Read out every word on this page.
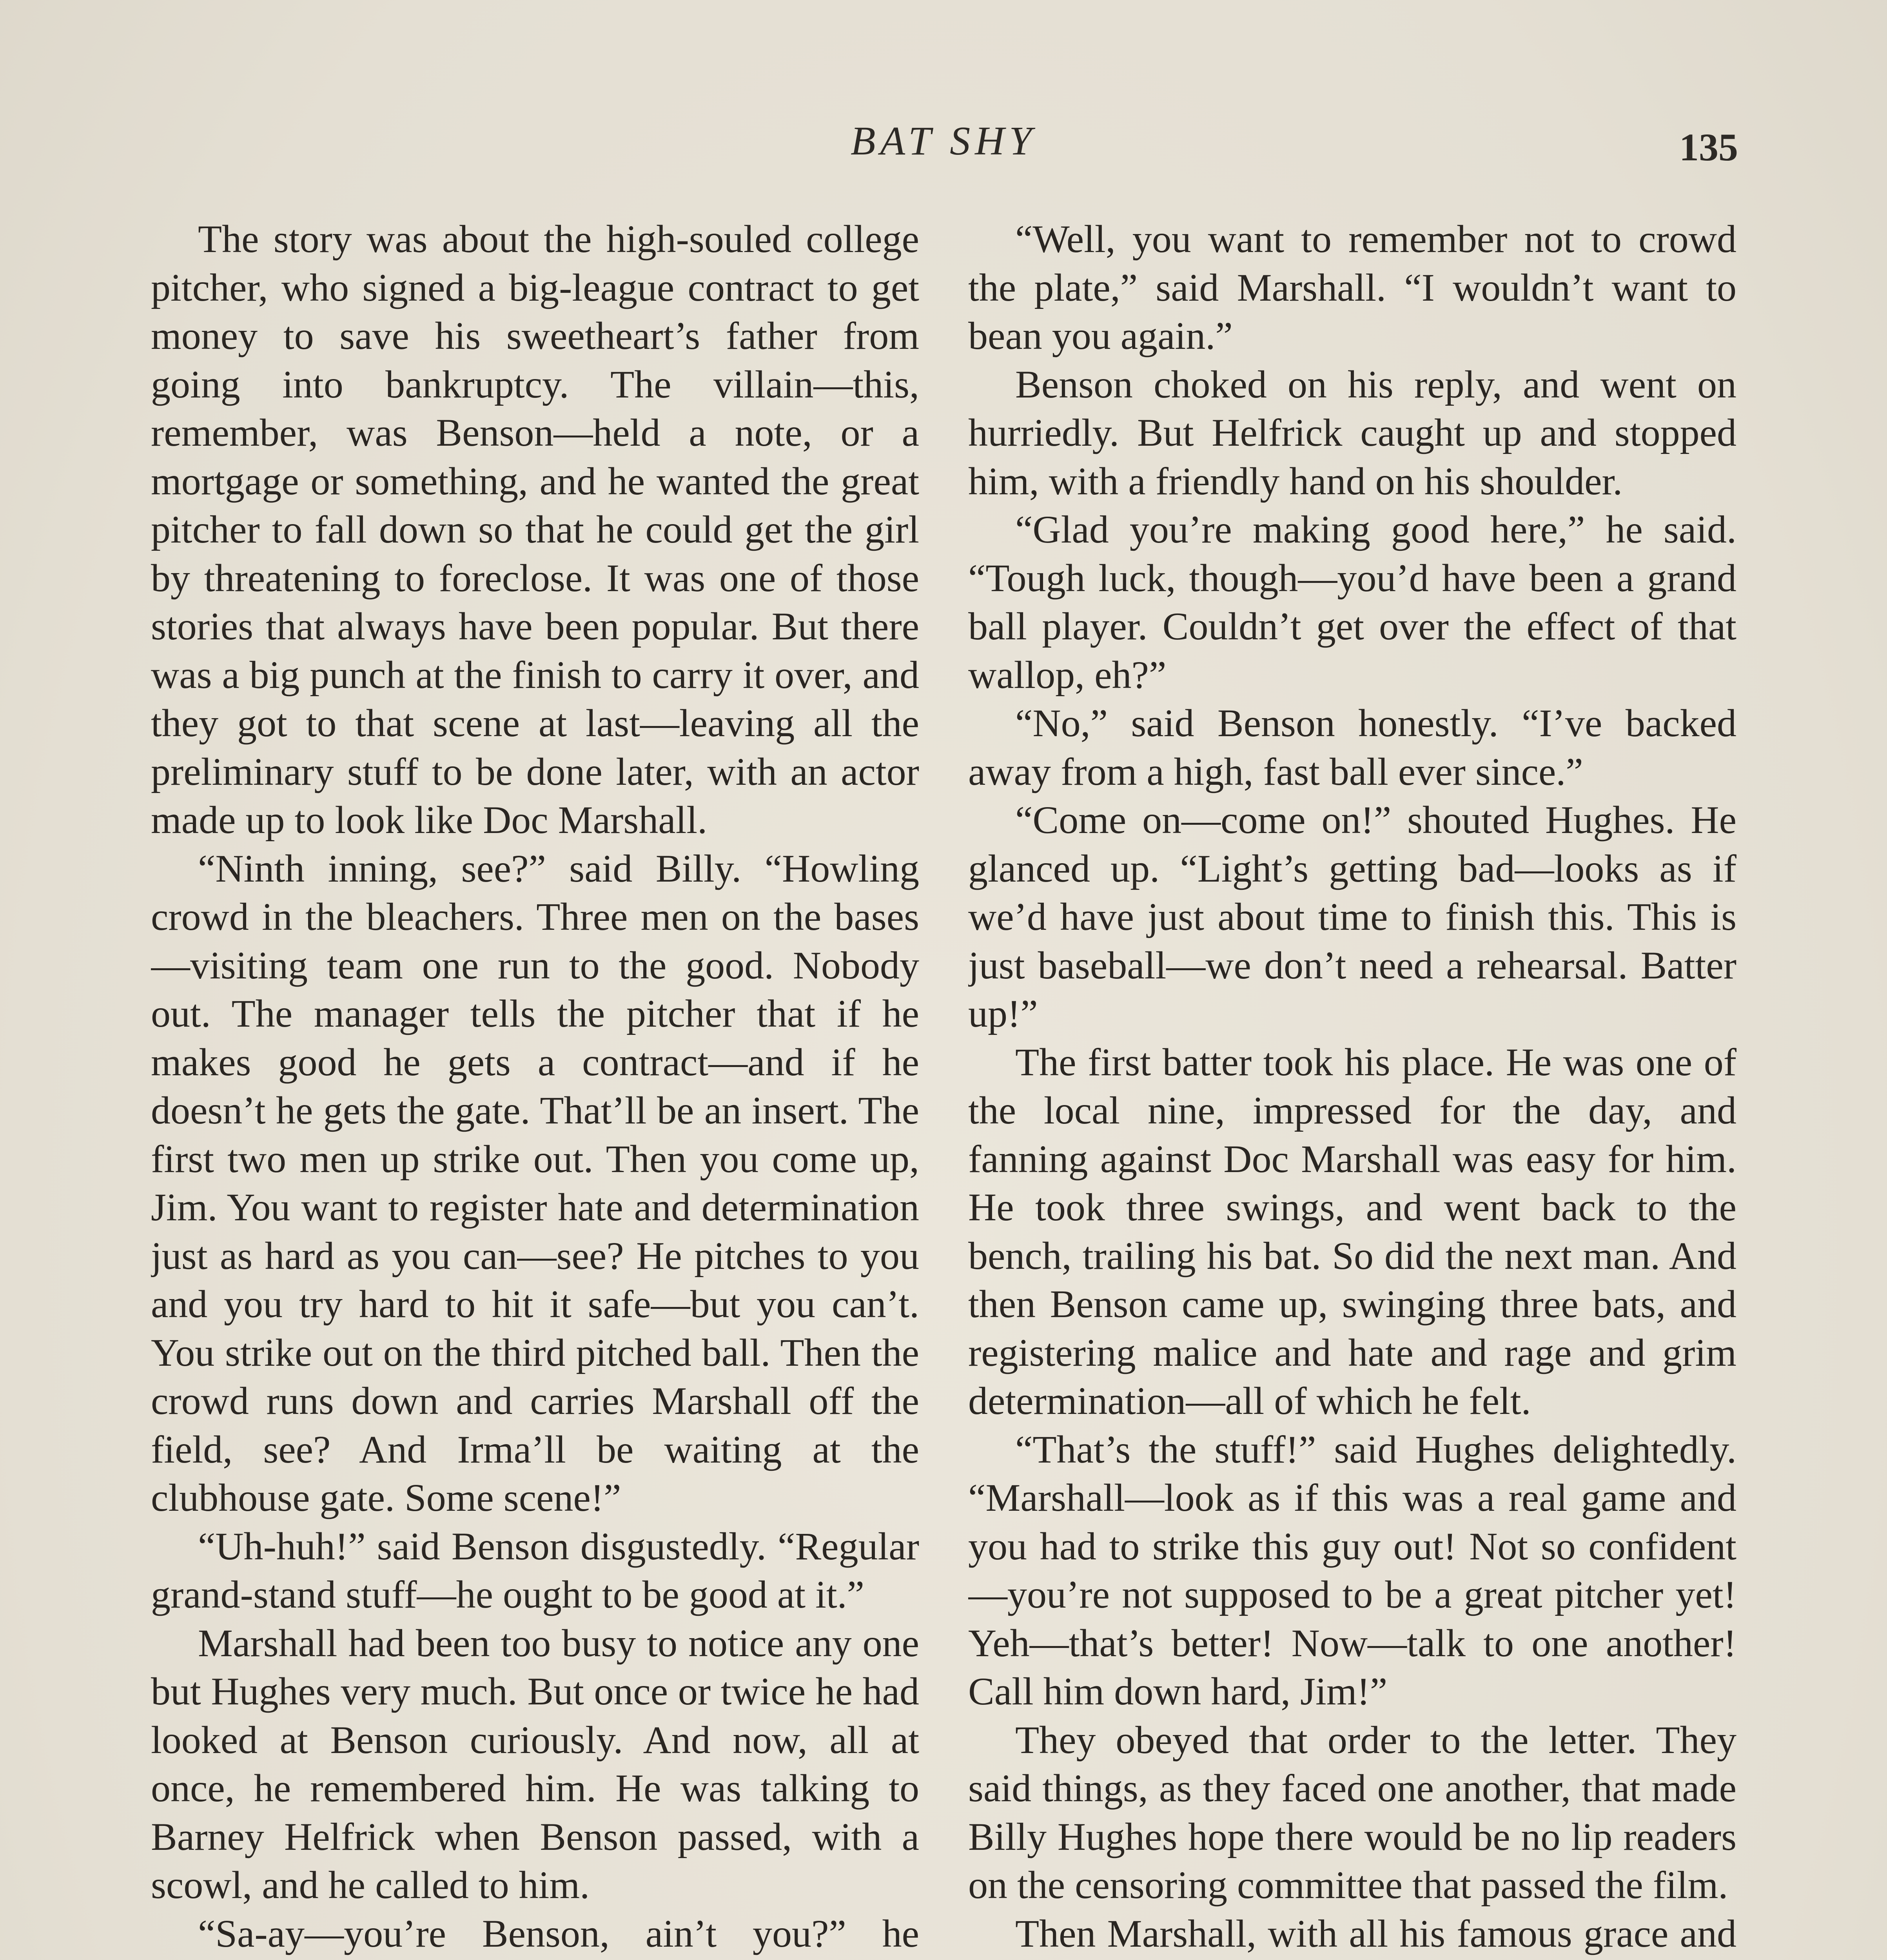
BAT SHY	135

The story was about the high-souled college pitcher, who signed a big-league contract to get money to save his sweetheart’s father from going into bankruptcy. The villain—this, remember, was Benson—held a note, or a mortgage or something, and he wanted the great pitcher to fall down so that he could get the girl by threatening to foreclose. It was one of those stories that always have been popular. But there was a big punch at the finish to carry it over, and they got to that scene at last—leaving all the preliminary stuff to be done later, with an actor made up to look like Doc Marshall.

“Ninth inning, see?” said Billy. “Howling crowd in the bleachers. Three men on the bases—visiting team one run to the good. Nobody out. The manager tells the pitcher that if he makes good he gets a contract—and if he doesn’t he gets the gate. That’ll be an insert. The first two men up strike out. Then you come up, Jim. You want to register hate and determination just as hard as you can—see? He pitches to you and you try hard to hit it safe—but you can’t. You strike out on the third pitched ball. Then the crowd runs down and carries Marshall off the field, see? And Irma’ll be waiting at the clubhouse gate. Some scene!”

“Uh-huh!” said Benson disgustedly. “Regular grand-stand stuff—he ought to be good at it.”

Marshall had been too busy to notice any one but Hughes very much. But once or twice he had looked at Benson curiously. And now, all at once, he remembered him. He was talking to Barney Helfrick when Benson passed, with a scowl, and he called to him.

“Sa-ay—you’re Benson, ain’t you?” he

“Well, you want to remember not to crowd the plate,” said Marshall. “I wouldn’t want to bean you again.”

Benson choked on his reply, and went on hurriedly. But Helfrick caught up and stopped him, with a friendly hand on his shoulder.

“Glad you’re making good here,” he said. “Tough luck, though—you’d have been a grand ball player. Couldn’t get over the effect of that wallop, eh?”

“No,” said Benson honestly. “I’ve backed away from a high, fast ball ever since.”

“Come on—come on!” shouted Hughes. He glanced up. “Light’s getting bad—looks as if we’d have just about time to finish this. This is just baseball—we don’t need a rehearsal. Batter up!”

The first batter took his place. He was one of the local nine, impressed for the day, and fanning against Doc Marshall was easy for him. He took three swings, and went back to the bench, trailing his bat. So did the next man. And then Benson came up, swinging three bats, and registering malice and hate and rage and grim determination—all of which he felt.

“That’s the stuff!” said Hughes delightedly. “Marshall—look as if this was a real game and you had to strike this guy out! Not so confident—you’re not supposed to be a great pitcher yet! Yeh—that’s better! Now—talk to one another! Call him down hard, Jim!”

They obeyed that order to the letter. They said things, as they faced one another, that made Billy Hughes hope there would be no lip readers on the censoring committee that passed the film.

Then Marshall, with all his famous grace and
